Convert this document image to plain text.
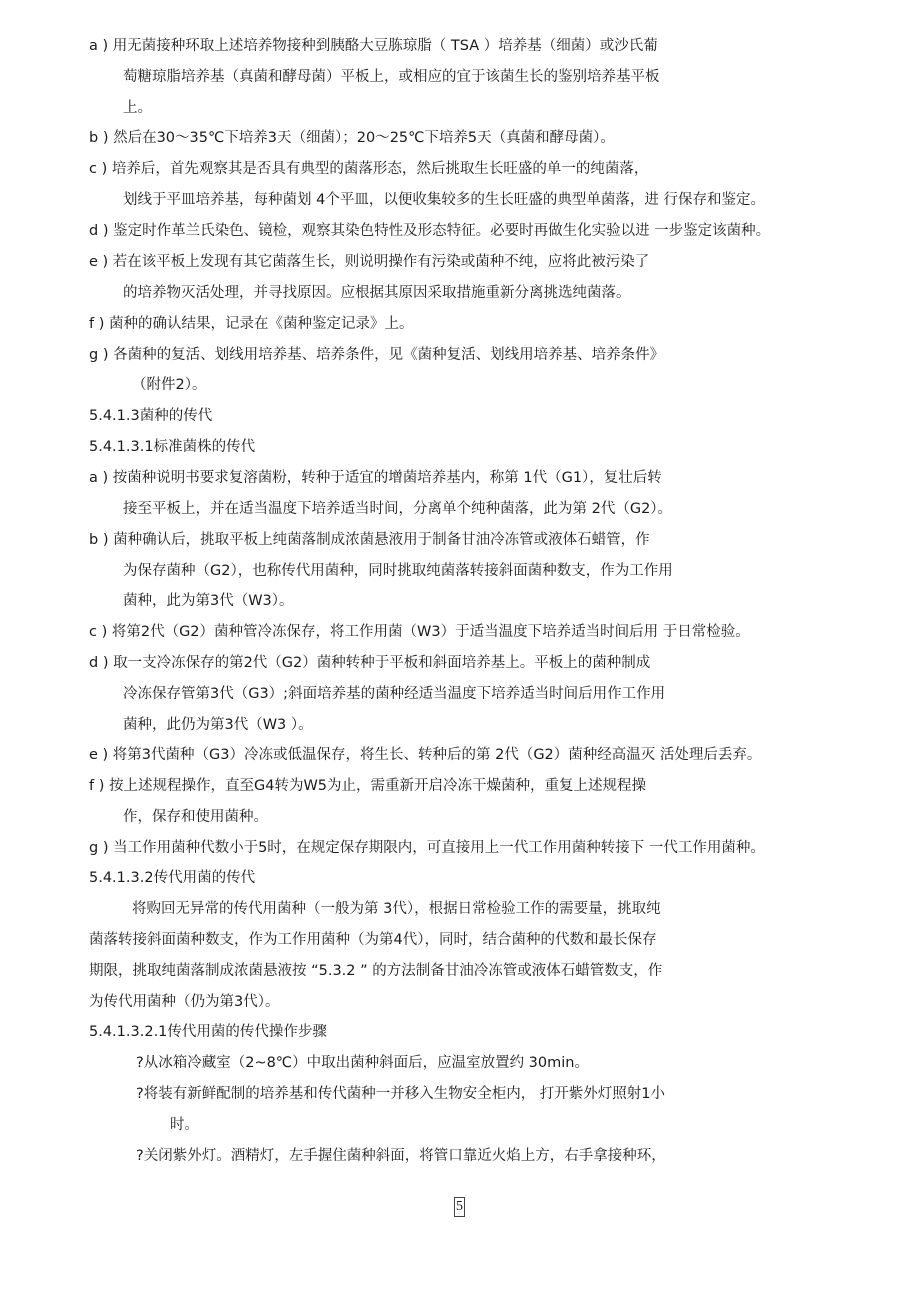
a ) 用无菌接种环取上述培养物接种到胰酪大豆胨琼脂（ TSA ）培养基（细菌）或沙氏葡

萄糖琼脂培养基（真菌和酵母菌）平板上，或相应的宜于该菌生长的鉴别培养基平板

上。

b ) 然后在30～35℃下培养3天（细菌）；20～25℃下培养5天（真菌和酵母菌）。

c ) 培养后，首先观察其是否具有典型的菌落形态，然后挑取生长旺盛的单一的纯菌落，

划线于平皿培养基，每种菌划 4个平皿，以便收集较多的生长旺盛的典型单菌落，进 行保存和鉴定。

d ) 鉴定时作革兰氏染色、镜检，观察其染色特性及形态特征。必要时再做生化实验以进 一步鉴定该菌种。

e ) 若在该平板上发现有其它菌落生长，则说明操作有污染或菌种不纯，应将此被污染了

的培养物灭活处理，并寻找原因。应根据其原因采取措施重新分离挑选纯菌落。

f ) 菌种的确认结果，记录在《菌种鉴定记录》上。

g ) 各菌种的复活、划线用培养基、培养条件，见《菌种复活、划线用培养基、培养条件》

（附件2）。

5.4.1.3菌种的传代

5.4.1.3.1标准菌株的传代

a ) 按菌种说明书要求复溶菌粉，转种于适宜的增菌培养基内，称第 1代（G1），复壮后转

接至平板上，并在适当温度下培养适当时间，分离单个纯种菌落，此为第 2代（G2）。

b ) 菌种确认后，挑取平板上纯菌落制成浓菌悬液用于制备甘油冷冻管或液体石蜡管，作

为保存菌种（G2），也称传代用菌种，同时挑取纯菌落转接斜面菌种数支，作为工作用

菌种，此为第3代（W3）。

c ) 将第2代（G2）菌种管冷冻保存，将工作用菌（W3）于适当温度下培养适当时间后用 于日常检验。

d ) 取一支冷冻保存的第2代（G2）菌种转种于平板和斜面培养基上。平板上的菌种制成

冷冻保存管第3代（G3）;斜面培养基的菌种经适当温度下培养适当时间后用作工作用

菌种，此仍为第3代（W3 ）。

e ) 将第3代菌种（G3）冷冻或低温保存，将生长、转种后的第 2代（G2）菌种经高温灭 活处理后丢弃。

f ) 按上述规程操作，直至G4转为W5为止，需重新开启冷冻干燥菌种，重复上述规程操

作，保存和使用菌种。

g ) 当工作用菌种代数小于5时，在规定保存期限内，可直接用上一代工作用菌种转接下 一代工作用菌种。

5.4.1.3.2传代用菌的传代

将购回无异常的传代用菌种（一般为第 3代），根据日常检验工作的需要量，挑取纯

菌落转接斜面菌种数支，作为工作用菌种（为第4代），同时，结合菌种的代数和最长保存

期限，挑取纯菌落制成浓菌悬液按 “5.3.2 ” 的方法制备甘油冷冻管或液体石蜡管数支，作

为传代用菌种（仍为第3代）。

5.4.1.3.2.1传代用菌的传代操作步骤

?从冰箱冷藏室（2~8℃）中取出菌种斜面后，应温室放置约 30min。

?将装有新鲜配制的培养基和传代菌种一并移入生物安全柜内， 打开紫外灯照射1小

时。

?关闭紫外灯。酒精灯，左手握住菌种斜面，将管口靠近火焰上方，右手拿接种环，

5
